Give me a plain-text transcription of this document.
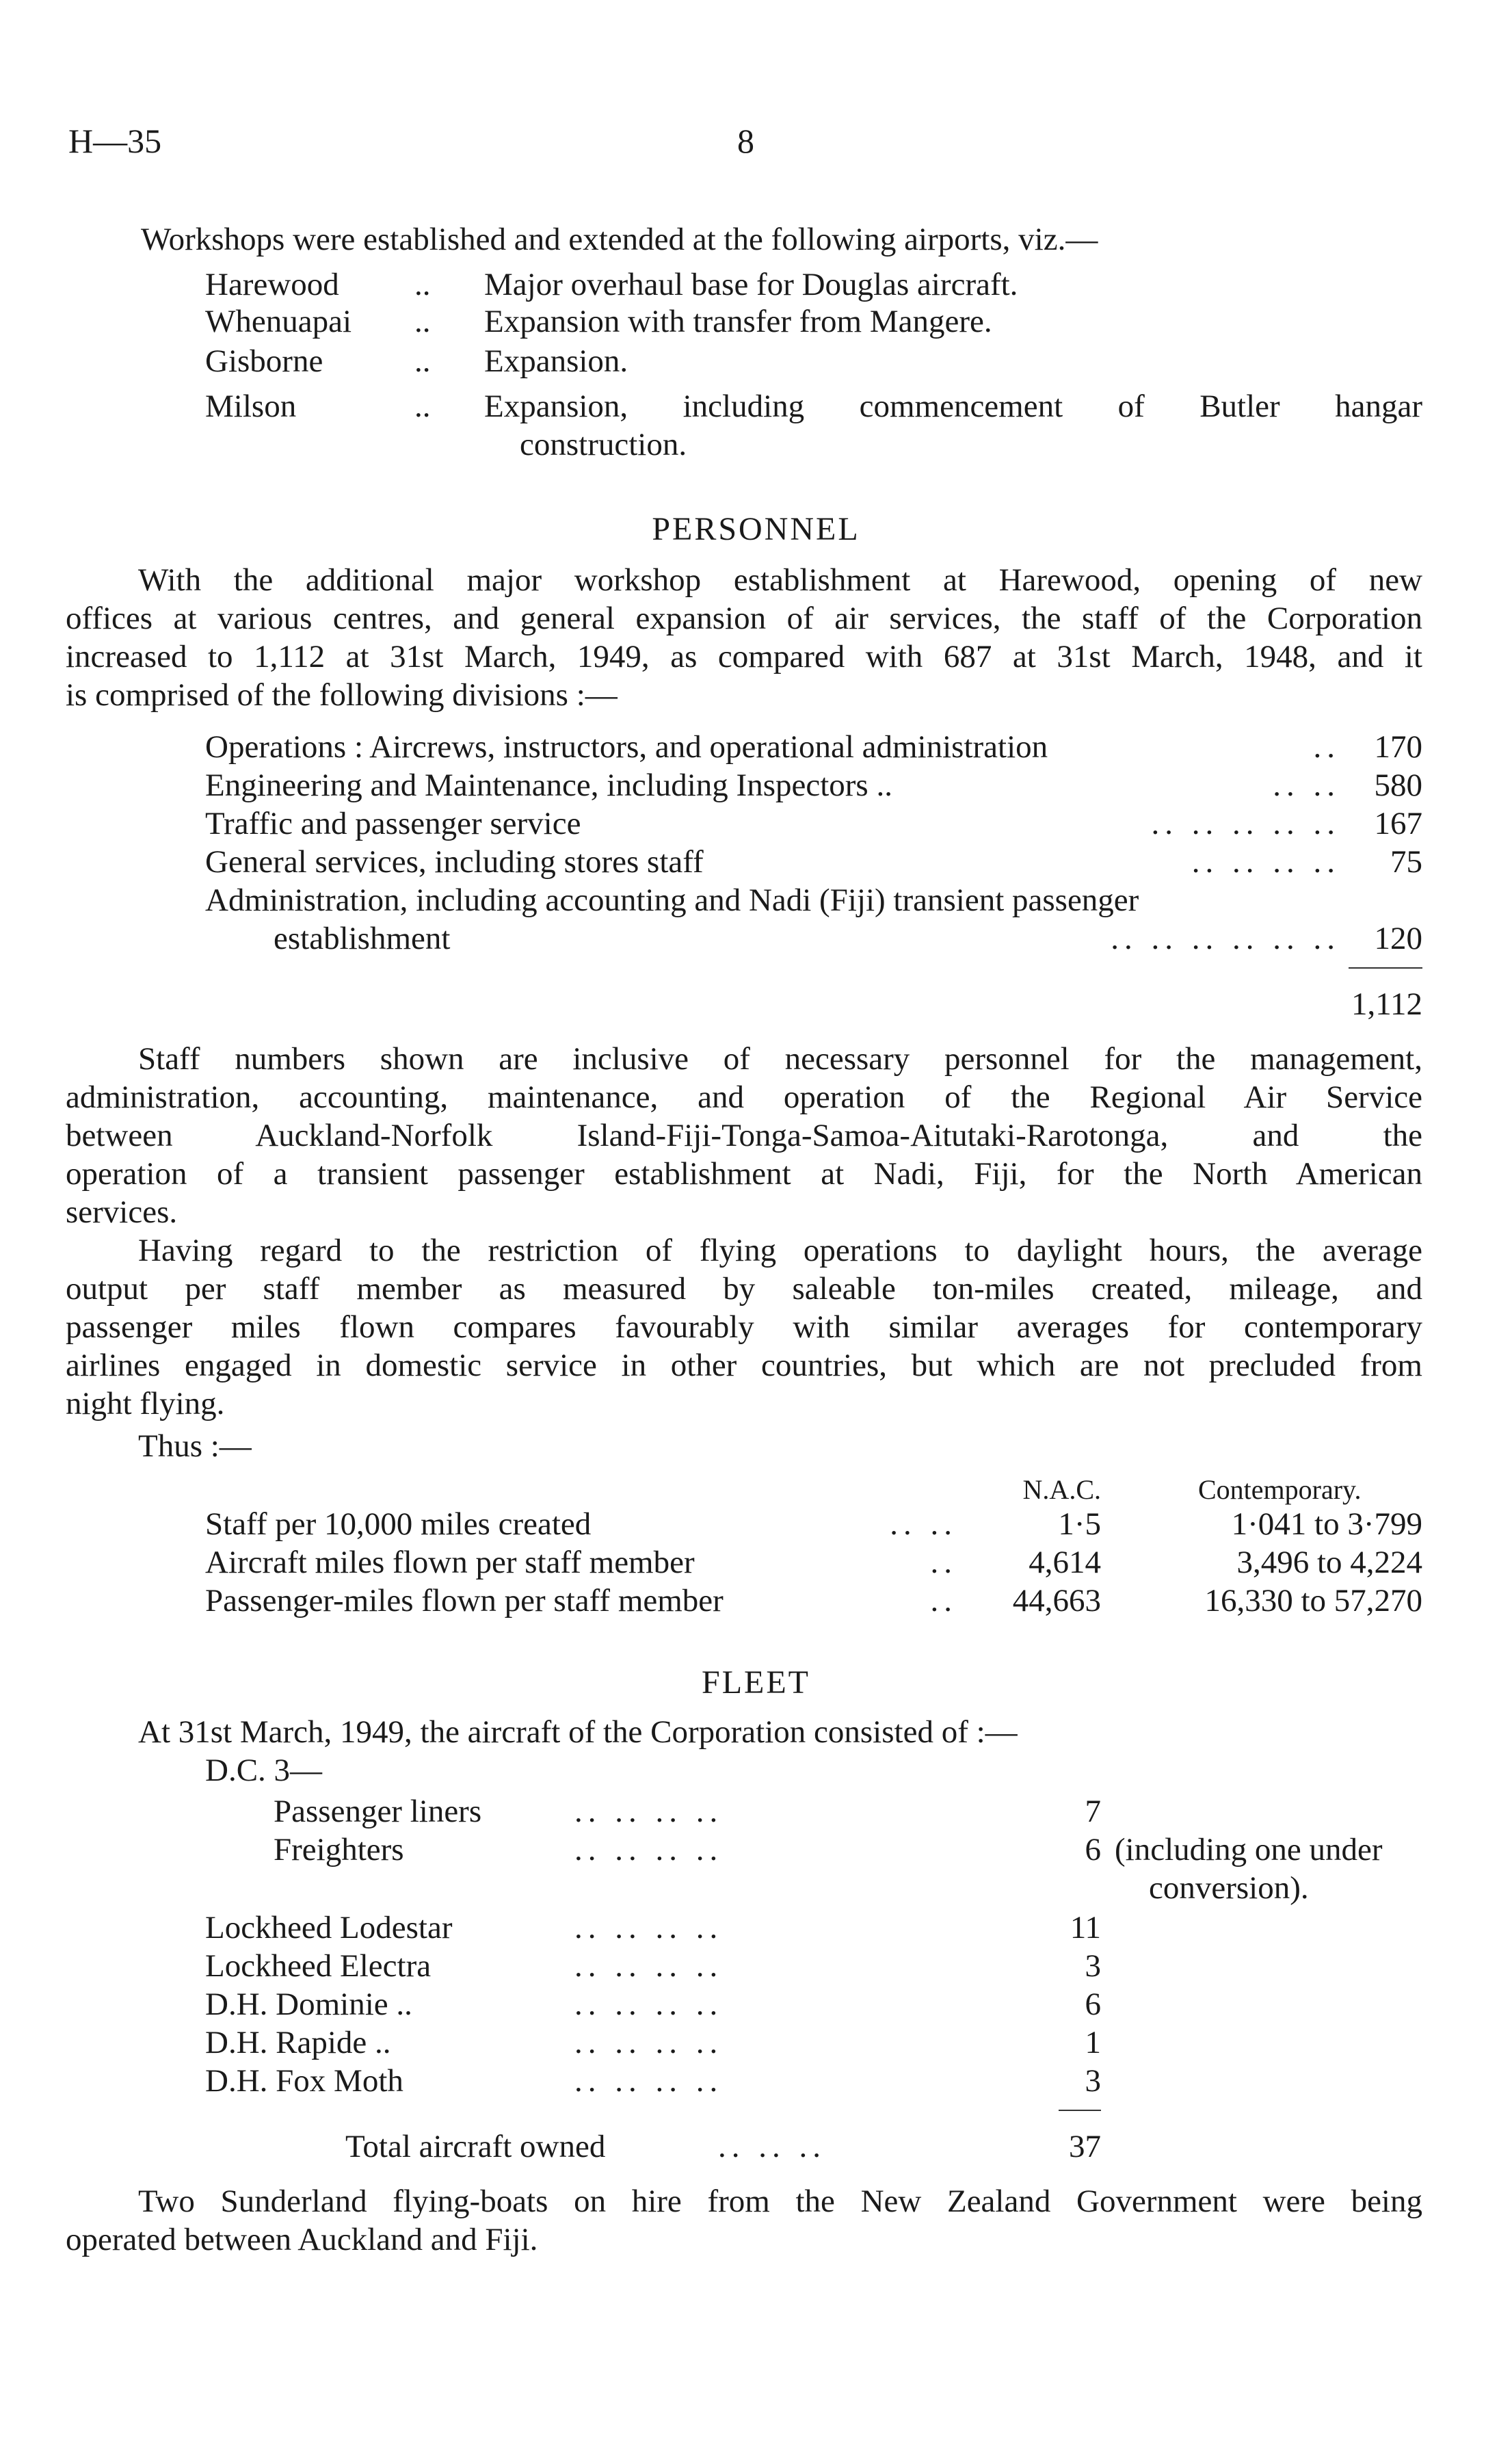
H—35	8
Workshops were established and extended at the following airports, viz.—
Harewood .. Major overhaul base for Douglas aircraft.
Whenuapai .. Expansion with transfer from Mangere.
Gisborne	.. Expansion.
Milson	.. Expansion, including commencement of Butler hangar
construction.
PERSONNEL
With the additional major workshop establishment at Harewood, opening of new
offices at various centres, and general expansion of air services, the staff of the Corporation
increased to 1,112 at 31st March, 1949, as compared with 687 at 31st March, 1948, and it
is comprised of the following divisions :—
Operations : Aircrews, instructors, and operational administration	..	170
Engineering and Maintenance, including Inspectors ..	.. ..	580
Traffic and passenger service	.. .. .. .. ..	167
General services, including stores staff	.. .. .. ..	75
Administration, including accounting and Nadi (Fiji) transient passenger
establishment	.. .. .. .. .. ..	120
1,112
Staff numbers shown are inclusive of necessary personnel for the management,
administration, accounting, maintenance, and operation of the Regional Air Service
between Auckland-Norfolk Island-Fiji-Tonga-Samoa-Aitutaki-Rarotonga, and the
operation of a transient passenger establishment at Nadi, Fiji, for the North American
services.
Having regard to the restriction of flying operations to daylight hours, the average
output per staff member as measured by saleable ton-miles created, mileage, and
passenger miles flown compares favourably with similar averages for contemporary
airlines engaged in domestic service in other countries, but which are not precluded from
night flying.
Thus :—
N.A.C.	Contemporary.
Staff per 10,000 miles created	.. ..	1·5	1·041 to 3·799
Aircraft miles flown per staff member	..	4,614	3,496 to 4,224
Passenger-miles flown per staff member	..	44,663	16,330 to 57,270
FLEET
At 31st March, 1949, the aircraft of the Corporation consisted of :—
D.C. 3—
Passenger liners	.. .. .. ..	7
Freighters	.. .. .. ..	6 (including one under
conversion).
Lockheed Lodestar	.. .. .. ..	11
Lockheed Electra	.. .. .. ..	3
D.H. Dominie ..	.. .. .. ..	6
D.H. Rapide ..	.. .. .. ..	1
D.H. Fox Moth	.. .. .. ..	3
Total aircraft owned	.. .. ..	37
Two Sunderland flying-boats on hire from the New Zealand Government were being
operated between Auckland and Fiji.
